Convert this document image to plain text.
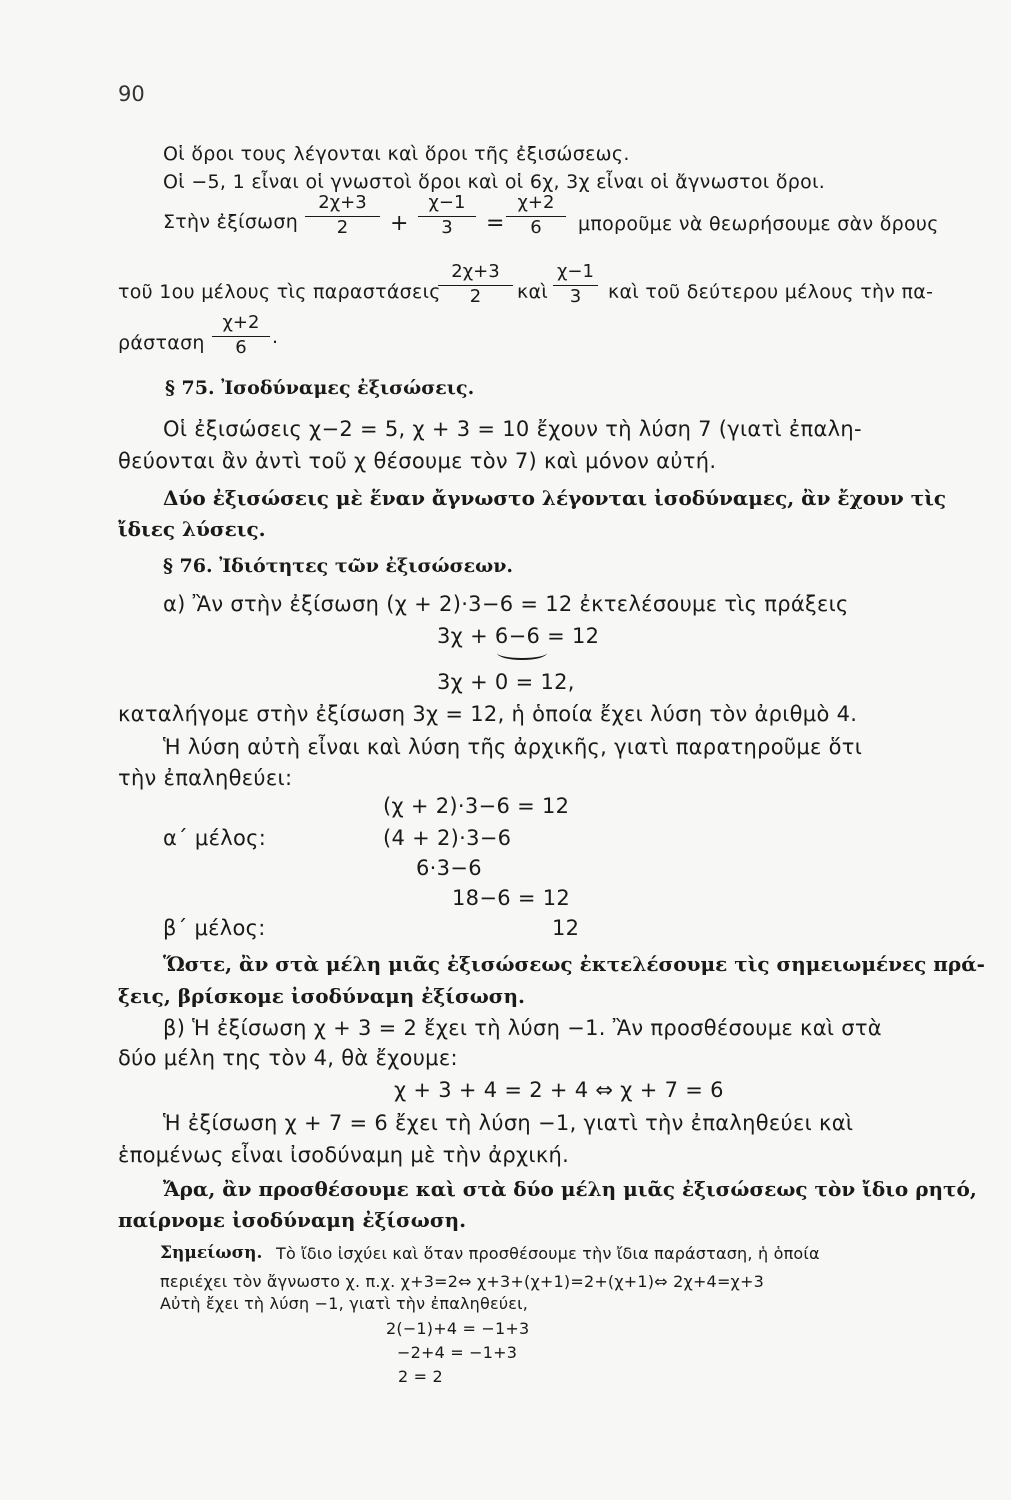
90
Οἱ ὅροι τους λέγονται καὶ ὅροι τῆς ἐξισώσεως.
Οἱ −5, 1 εἶναι οἱ γνωστοὶ ὅροι καὶ οἱ 6χ, 3χ εἶναι οἱ ἄγνωστοι ὅροι.
Στὴν ἐξίσωση $\frac{2\chi+3}{2} + \frac{\chi-1}{3} = \frac{\chi+2}{6}$ μποροῦμε νὰ θεωρήσουμε σὰν ὅρους
τοῦ 1ου μέλους τὶς παραστάσεις
$\frac{2\chi+3}{2}$ καὶ $\frac{\chi-1}{3}$ καὶ τοῦ δεύτερου μέλους τὴν πα-
ράσταση $\frac{\chi+2}{6}$ .
§ 75. Ἰσοδύναμες ἐξισώσεις.
Οἱ ἐξισώσεις χ−2 = 5, χ + 3 = 10 ἔχουν τὴ λύση 7 (γιατὶ ἐπαλη-
θεύονται ἂν ἀντὶ τοῦ χ θέσουμε τὸν 7) καὶ μόνον αὐτή.
Δύο ἐξισώσεις μὲ ἕναν ἄγνωστο λέγονται ἰσοδύναμες, ἂν ἔχουν τὶς
ἴδιες λύσεις.
§ 76. Ἰδιότητες τῶν ἐξισώσεων.
α) Ἂν στὴν ἐξίσωση (χ + 2)·3−6 = 12 ἐκτελέσουμε τὶς πράξεις
3χ + 6−6 = 12
3χ + 0 = 12,
καταλήγομε στὴν ἐξίσωση 3χ = 12, ἡ ὁποία ἔχει λύση τὸν ἀριθμὸ 4.
Ἡ λύση αὐτὴ εἶναι καὶ λύση τῆς ἀρχικῆς, γιατὶ παρατηροῦμε ὅτι
τὴν ἐπαληθεύει:
(χ + 2)·3−6 = 12
α΄ μέλος:	(4 + 2)·3−6
6·3−6
18−6 = 12
β΄ μέλος:	12
Ὥστε, ἂν στὰ μέλη μιᾶς ἐξισώσεως ἐκτελέσουμε τὶς σημειωμένες πρά-
ξεις, βρίσκομε ἰσοδύναμη ἐξίσωση.
β) Ἡ ἐξίσωση χ + 3 = 2 ἔχει τὴ λύση −1. Ἂν προσθέσουμε καὶ στὰ
δύο μέλη της τὸν 4, θὰ ἔχουμε:
χ + 3 + 4 = 2 + 4 ⇔ χ + 7 = 6
Ἡ ἐξίσωση χ + 7 = 6 ἔχει τὴ λύση −1, γιατὶ τὴν ἐπαληθεύει καὶ
ἑπομένως εἶναι ἰσοδύναμη μὲ τὴν ἀρχική.
Ἄρα, ἂν προσθέσουμε καὶ στὰ δύο μέλη μιᾶς ἐξισώσεως τὸν ἴδιο ρητό,
παίρνομε ἰσοδύναμη ἐξίσωση.
Σημείωση. Τὸ ἴδιο ἰσχύει καὶ ὅταν προσθέσουμε τὴν ἴδια παράσταση, ἡ ὁποία
περιέχει τὸν ἄγνωστο χ. π.χ. χ+3=2⇔ χ+3+(χ+1)=2+(χ+1)⇔ 2χ+4=χ+3
Αὐτὴ ἔχει τὴ λύση −1, γιατὶ τὴν ἐπαληθεύει,
2(−1)+4 = −1+3
−2+4 = −1+3
2 = 2
